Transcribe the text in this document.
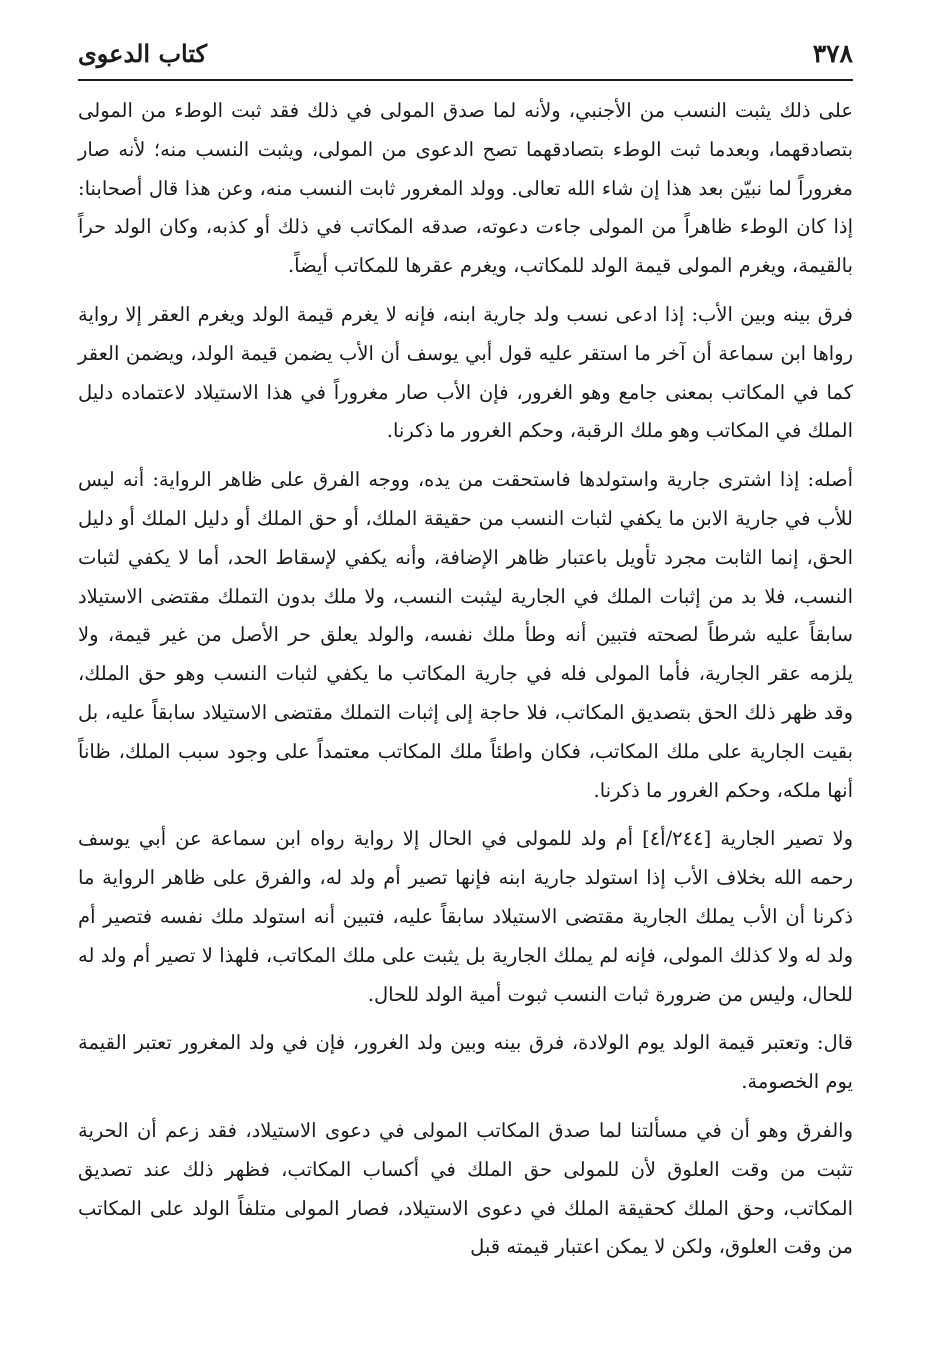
كتاب الدعوى	٣٧٨

على ذلك يثبت النسب من الأجنبي، ولأنه لما صدق المولى في ذلك فقد ثبت الوطء من المولى بتصادقهما، وبعدما ثبت الوطء بتصادقهما تصح الدعوى من المولى، ويثبت النسب منه؛ لأنه صار مغروراً لما نبيّن بعد هذا إن شاء الله تعالى. وولد المغرور ثابت النسب منه، وعن هذا قال أصحابنا: إذا كان الوطء ظاهراً من المولى جاءت دعوته، صدقه المكاتب في ذلك أو كذبه، وكان الولد حراً بالقيمة، ويغرم المولى قيمة الولد للمكاتب، ويغرم عقرها للمكاتب أيضاً.

فرق بينه وبين الأب: إذا ادعى نسب ولد جارية ابنه، فإنه لا يغرم قيمة الولد ويغرم العقر إلا رواية رواها ابن سماعة أن آخر ما استقر عليه قول أبي يوسف أن الأب يضمن قيمة الولد، ويضمن العقر كما في المكاتب بمعنى جامع وهو الغرور، فإن الأب صار مغروراً في هذا الاستيلاد لاعتماده دليل الملك في المكاتب وهو ملك الرقبة، وحكم الغرور ما ذكرنا.

أصله: إذا اشترى جارية واستولدها فاستحقت من يده، ووجه الفرق على ظاهر الرواية: أنه ليس للأب في جارية الابن ما يكفي لثبات النسب من حقيقة الملك، أو حق الملك أو دليل الملك أو دليل الحق، إنما الثابت مجرد تأويل باعتبار ظاهر الإضافة، وأنه يكفي لإسقاط الحد، أما لا يكفي لثبات النسب، فلا بد من إثبات الملك في الجارية ليثبت النسب، ولا ملك بدون التملك مقتضى الاستيلاد سابقاً عليه شرطاً لصحته فتبين أنه وطأ ملك نفسه، والولد يعلق حر الأصل من غير قيمة، ولا يلزمه عقر الجارية، فأما المولى فله في جارية المكاتب ما يكفي لثبات النسب وهو حق الملك، وقد ظهر ذلك الحق بتصديق المكاتب، فلا حاجة إلى إثبات التملك مقتضى الاستيلاد سابقاً عليه، بل بقيت الجارية على ملك المكاتب، فكان واطئاً ملك المكاتب معتمداً على وجود سبب الملك، ظاناً أنها ملكه، وحكم الغرور ما ذكرنا.

ولا تصير الجارية [٢٤٤/أ٤] أم ولد للمولى في الحال إلا رواية رواه ابن سماعة عن أبي يوسف رحمه الله بخلاف الأب إذا استولد جارية ابنه فإنها تصير أم ولد له، والفرق على ظاهر الرواية ما ذكرنا أن الأب يملك الجارية مقتضى الاستيلاد سابقاً عليه، فتبين أنه استولد ملك نفسه فتصير أم ولد له ولا كذلك المولى، فإنه لم يملك الجارية بل يثبت على ملك المكاتب، فلهذا لا تصير أم ولد له للحال، وليس من ضرورة ثبات النسب ثبوت أمية الولد للحال.

قال: وتعتبر قيمة الولد يوم الولادة، فرق بينه وبين ولد الغرور، فإن في ولد المغرور تعتبر القيمة يوم الخصومة.

والفرق وهو أن في مسألتنا لما صدق المكاتب المولى في دعوى الاستيلاد، فقد زعم أن الحرية تثبت من وقت العلوق لأن للمولى حق الملك في أكساب المكاتب، فظهر ذلك عند تصديق المكاتب، وحق الملك كحقيقة الملك في دعوى الاستيلاد، فصار المولى متلفاً الولد على المكاتب من وقت العلوق، ولكن لا يمكن اعتبار قيمته قبل
